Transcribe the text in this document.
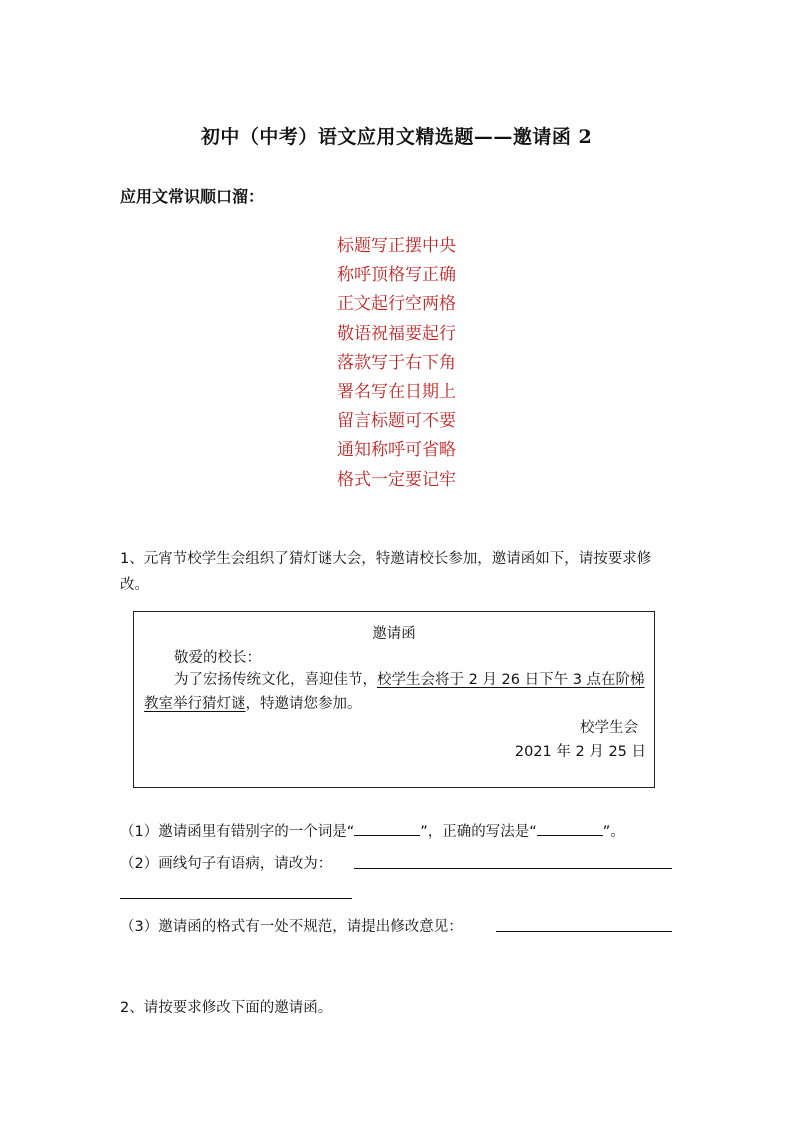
初中（中考）语文应用文精选题——邀请函 2
应用文常识顺口溜：
标题写正摆中央
称呼顶格写正确
正文起行空两格
敬语祝福要起行
落款写于右下角
署名写在日期上
留言标题可不要
通知称呼可省略
格式一定要记牢
1、元宵节校学生会组织了猜灯谜大会，特邀请校长参加，邀请函如下，请按要求修改。
邀请函
敬爱的校长：
为了宏扬传统文化，喜迎佳节，校学生会将于 2 月 26 日下午 3 点在阶梯教室举行猜灯谜，特邀请您参加。
校学生会
2021 年 2 月 25 日
（1）邀请函里有错别字的一个词是“	”，正确的写法是“	”。
（2）画线句子有语病，请改为：
（3）邀请函的格式有一处不规范，请提出修改意见：
2、请按要求修改下面的邀请函。
